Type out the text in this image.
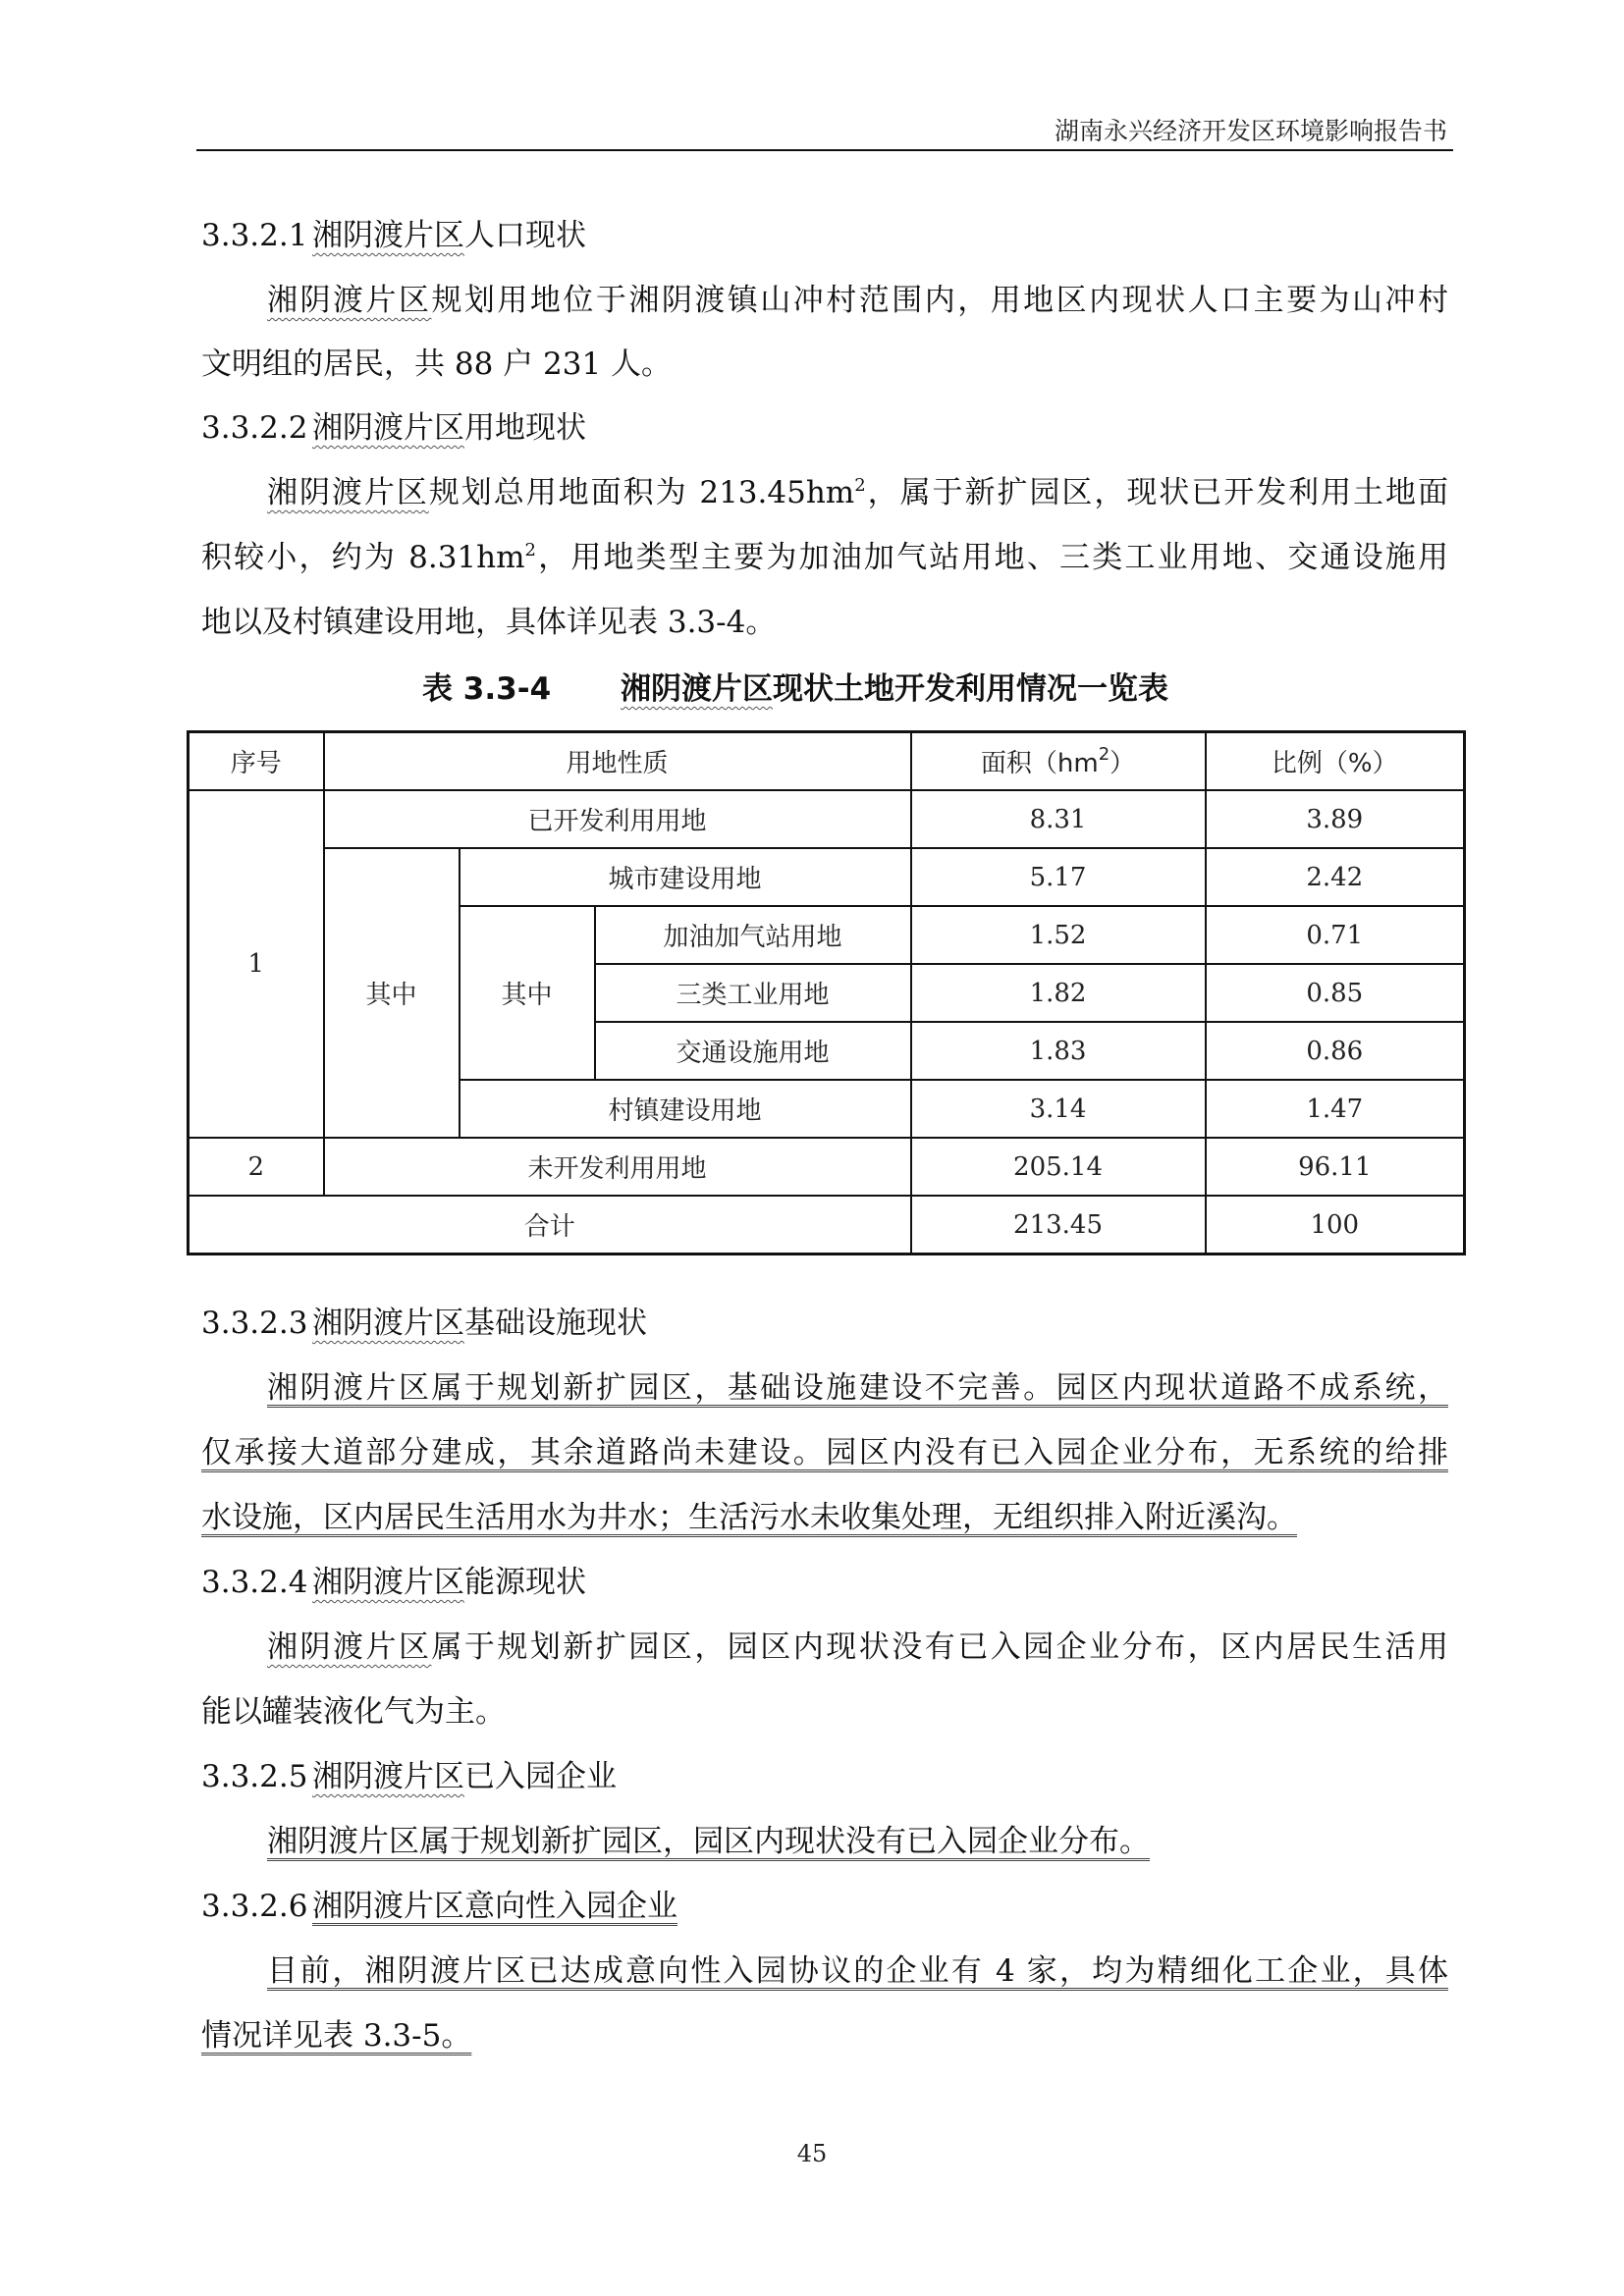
湖南永兴经济开发区环境影响报告书
3.3.2.1 湘阴渡片区人口现状
湘阴渡片区规划用地位于湘阴渡镇山冲村范围内，用地区内现状人口主要为山冲村
文明组的居民，共 88 户 231 人。
3.3.2.2 湘阴渡片区用地现状
湘阴渡片区规划总用地面积为 $213.45hm^2$，属于新扩园区，现状已开发利用土地面
积较小，约为 $8.31hm^2$，用地类型主要为加油加气站用地、三类工业用地、交通设施用
地以及村镇建设用地，具体详见表 3.3-4。
表 3.3-4 湘阴渡片区现状土地开发利用情况一览表
序号	用地性质			面积$(hm^2)$	比例（%）
1	已开发利用用地			8.31	3.89
	其中	城市建设用地		5.17	2.42
		其中	加油加气站用地	1.52	0.71
			三类工业用地	1.82	0.85
			交通设施用地	1.83	0.86
		村镇建设用地		3.14	1.47
2	未开发利用用地			205.14	96.11
合计				213.45	100
3.3.2.3 湘阴渡片区基础设施现状
湘阴渡片区属于规划新扩园区，基础设施建设不完善。园区内现状道路不成系统，
仅承接大道部分建成，其余道路尚未建设。园区内没有已入园企业分布，无系统的给排
水设施，区内居民生活用水为井水；生活污水未收集处理，无组织排入附近溪沟。
3.3.2.4 湘阴渡片区能源现状
湘阴渡片区属于规划新扩园区，园区内现状没有已入园企业分布，区内居民生活用
能以罐装液化气为主。
3.3.2.5 湘阴渡片区已入园企业
湘阴渡片区属于规划新扩园区，园区内现状没有已入园企业分布。
3.3.2.6 湘阴渡片区意向性入园企业
目前，湘阴渡片区已达成意向性入园协议的企业有 4 家，均为精细化工企业，具体
情况详见表 3.3-5。
45
